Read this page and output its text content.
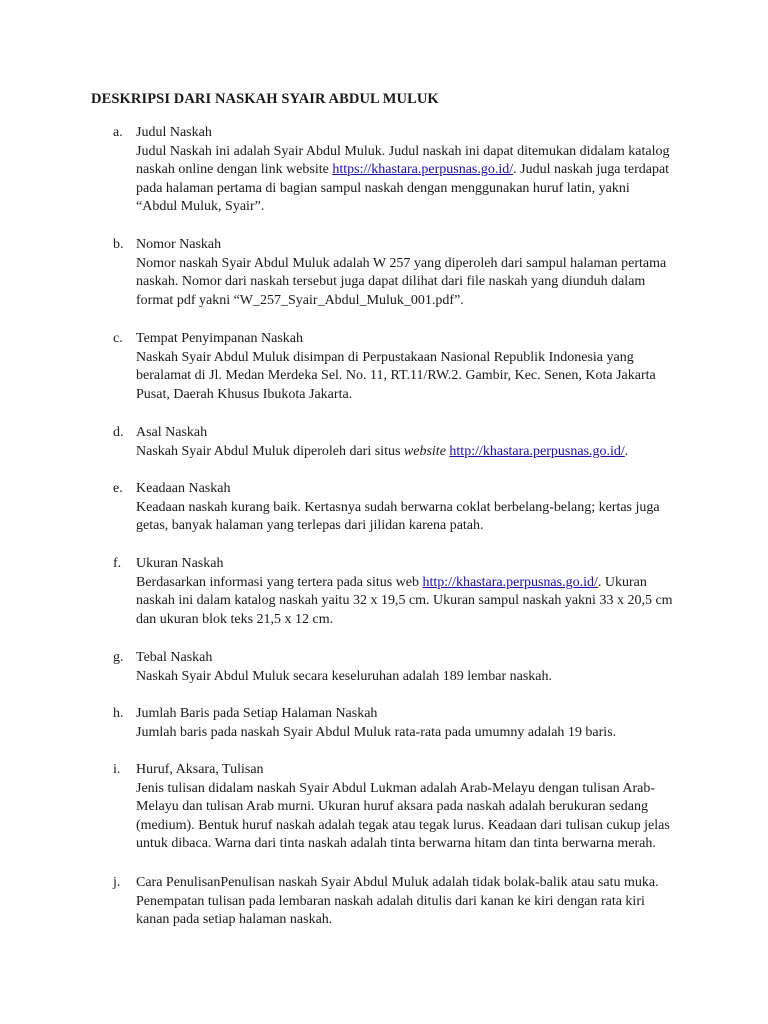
DESKRIPSI DARI NASKAH SYAIR ABDUL MULUK
a. Judul Naskah
Judul Naskah ini adalah Syair Abdul Muluk. Judul naskah ini dapat ditemukan didalam katalog naskah online dengan link website https://khastara.perpusnas.go.id/. Judul naskah juga terdapat pada halaman pertama di bagian sampul naskah dengan menggunakan huruf latin, yakni “Abdul Muluk, Syair”.
b. Nomor Naskah
Nomor naskah Syair Abdul Muluk adalah W 257 yang diperoleh dari sampul halaman pertama naskah. Nomor dari naskah tersebut juga dapat dilihat dari file naskah yang diunduh dalam format pdf yakni “W_257_Syair_Abdul_Muluk_001.pdf”.
c. Tempat Penyimpanan Naskah
Naskah Syair Abdul Muluk disimpan di Perpustakaan Nasional Republik Indonesia yang beralamat di Jl. Medan Merdeka Sel. No. 11, RT.11/RW.2. Gambir, Kec. Senen, Kota Jakarta Pusat, Daerah Khusus Ibukota Jakarta.
d. Asal Naskah
Naskah Syair Abdul Muluk diperoleh dari situs website http://khastara.perpusnas.go.id/.
e. Keadaan Naskah
Keadaan naskah kurang baik. Kertasnya sudah berwarna coklat berbelang-belang; kertas juga getas, banyak halaman yang terlepas dari jilidan karena patah.
f. Ukuran Naskah
Berdasarkan informasi yang tertera pada situs web http://khastara.perpusnas.go.id/. Ukuran naskah ini dalam katalog naskah yaitu 32 x 19,5 cm. Ukuran sampul naskah yakni 33 x 20,5 cm dan ukuran blok teks 21,5 x 12 cm.
g. Tebal Naskah
Naskah Syair Abdul Muluk secara keseluruhan adalah 189 lembar naskah.
h. Jumlah Baris pada Setiap Halaman Naskah
Jumlah baris pada naskah Syair Abdul Muluk rata-rata pada umumny adalah 19 baris.
i. Huruf, Aksara, Tulisan
Jenis tulisan didalam naskah Syair Abdul Lukman adalah Arab-Melayu dengan tulisan Arab-Melayu dan tulisan Arab murni. Ukuran huruf aksara pada naskah adalah berukuran sedang (medium). Bentuk huruf naskah adalah tegak atau tegak lurus. Keadaan dari tulisan cukup jelas untuk dibaca. Warna dari tinta naskah adalah tinta berwarna hitam dan tinta berwarna merah.
j. Cara PenulisanPenulisan naskah Syair Abdul Muluk adalah tidak bolak-balik atau satu muka. Penempatan tulisan pada lembaran naskah adalah ditulis dari kanan ke kiri dengan rata kiri kanan pada setiap halaman naskah.
